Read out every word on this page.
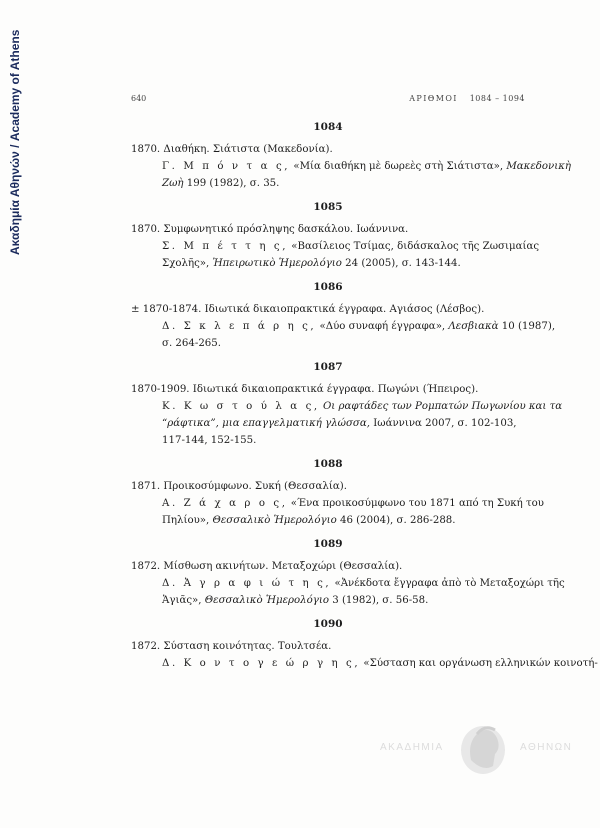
Ακαδημία Αθηνών / Academy of Athens	640	ΑΡΙΘΜΟΙ 1084 – 1094
1084
1870. Διαθήκη. Σιάτιστα (Μακεδονία).
Γ. Μ π ό ν τ α ς, «Μία διαθήκη μὲ δωρεὲς στὴ Σιάτιστα», Μακεδονικὴ
Ζωὴ 199 (1982), σ. 35.
1085
1870. Συμφωνητικό πρόσληψης δασκάλου. Ιωάννινα.
Σ. Μ π έ τ τ η ς, «Βασίλειος Τσίμας, διδάσκαλος τῆς Ζωσιμαίας
Σχολῆς», Ἠπειρωτικὸ Ἡμερολόγιο 24 (2005), σ. 143-144.
1086
± 1870-1874. Ιδιωτικά δικαιοπρακτικά έγγραφα. Αγιάσος (Λέσβος).
Δ. Σ κ λ ε π ά ρ η ς, «Δύο συναφή έγγραφα», Λεσβιακὰ 10 (1987),
σ. 264-265.
1087
1870-1909. Ιδιωτικά δικαιοπρακτικά έγγραφα. Πωγώνι (Ήπειρος).
Κ. Κ ω σ τ ο ύ λ α ς, Οι ραφτάδες των Ρομπατών Πωγωνίου και τα
“ράφτικα”, μια επαγγελματική γλώσσα, Ιωάννινα 2007, σ. 102-103,
117-144, 152-155.
1088
1871. Προικοσύμφωνο. Συκή (Θεσσαλία).
Α. Ζ ά χ α ρ ο ς, «Ένα προικοσύμφωνο του 1871 από τη Συκή του
Πηλίου», Θεσσαλικὸ Ἡμερολόγιο 46 (2004), σ. 286-288.
1089
1872. Μίσθωση ακινήτων. Μεταξοχώρι (Θεσσαλία).
Δ. Ἀ γ ρ α φ ι ώ τ η ς, «Ἀνέκδοτα ἔγγραφα ἀπὸ τὸ Μεταξοχώρι τῆς
Ἁγιᾶς», Θεσσαλικὸ Ἡμερολόγιο 3 (1982), σ. 56-58.
1090
1872. Σύσταση κοινότητας. Τουλτσέα.
Δ. Κ ο ν τ ο γ ε ώ ρ γ η ς, «Σύσταση και οργάνωση ελληνικών κοινοτή-
ΑΚΑΔΗΜΙΑ	ΑΘΗΝΩΝ
